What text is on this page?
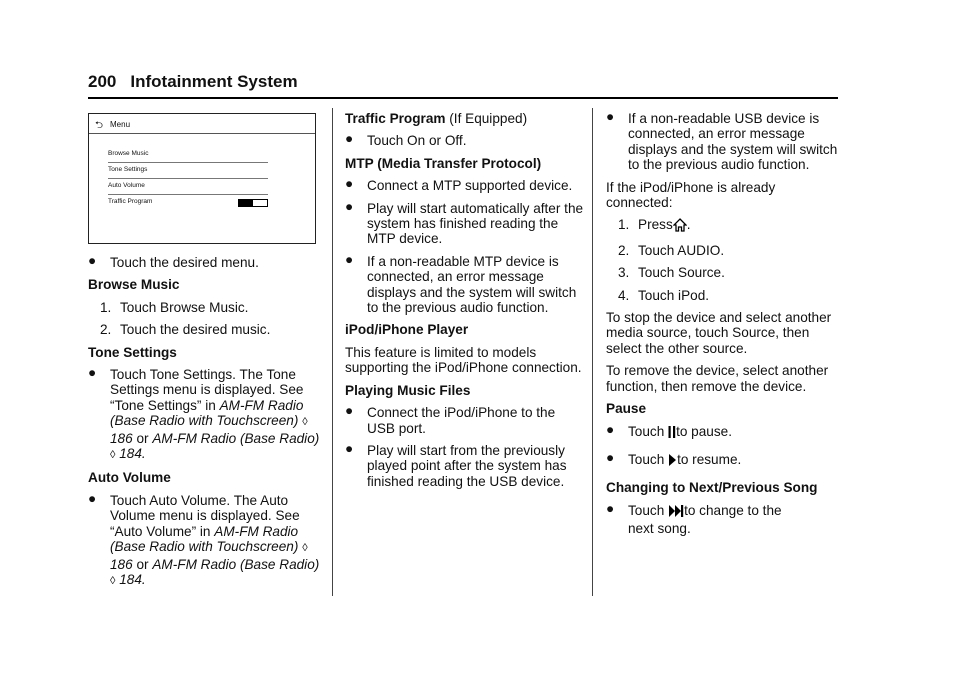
200 Infotainment System
⮌ Menu
Browse Music
Tone Settings
Auto Volume
Traffic Program
● Touch the desired menu.
Browse Music
1. Touch Browse Music.
2. Touch the desired music.
Tone Settings
● Touch Tone Settings. The Tone Settings menu is displayed. See “Tone Settings” in AM-FM Radio (Base Radio with Touchscreen) ◊ 186 or AM-FM Radio (Base Radio) ◊ 184.
Auto Volume
● Touch Auto Volume. The Auto Volume menu is displayed. See “Auto Volume” in AM-FM Radio (Base Radio with Touchscreen) ◊ 186 or AM-FM Radio (Base Radio) ◊ 184.

Traffic Program (If Equipped)

● Touch On or Off.
MTP (Media Transfer Protocol)
● Connect a MTP supported device.
● Play will start automatically after the system has finished reading the MTP device.
● If a non-readable MTP device is connected, an error message displays and the system will switch to the previous audio function.
iPod/iPhone Player

This feature is limited to models supporting the iPod/iPhone connection.

Playing Music Files
● Connect the iPod/iPhone to the USB port.
● Play will start from the previously played point after the system has finished reading the USB device.
● If a non-readable USB device is connected, an error message displays and the system will switch to the previous audio function.

If the iPod/iPhone is already connected:

1. Press .
2. Touch AUDIO.
3. Touch Source.
4. Touch iPod.

To stop the device and select another media source, touch Source, then select the other source.

To remove the device, select another function, then remove the device.

Pause
● Touch to pause.
● Touch to resume.
Changing to Next/Previous Song
● Touch to change to the
next song.
